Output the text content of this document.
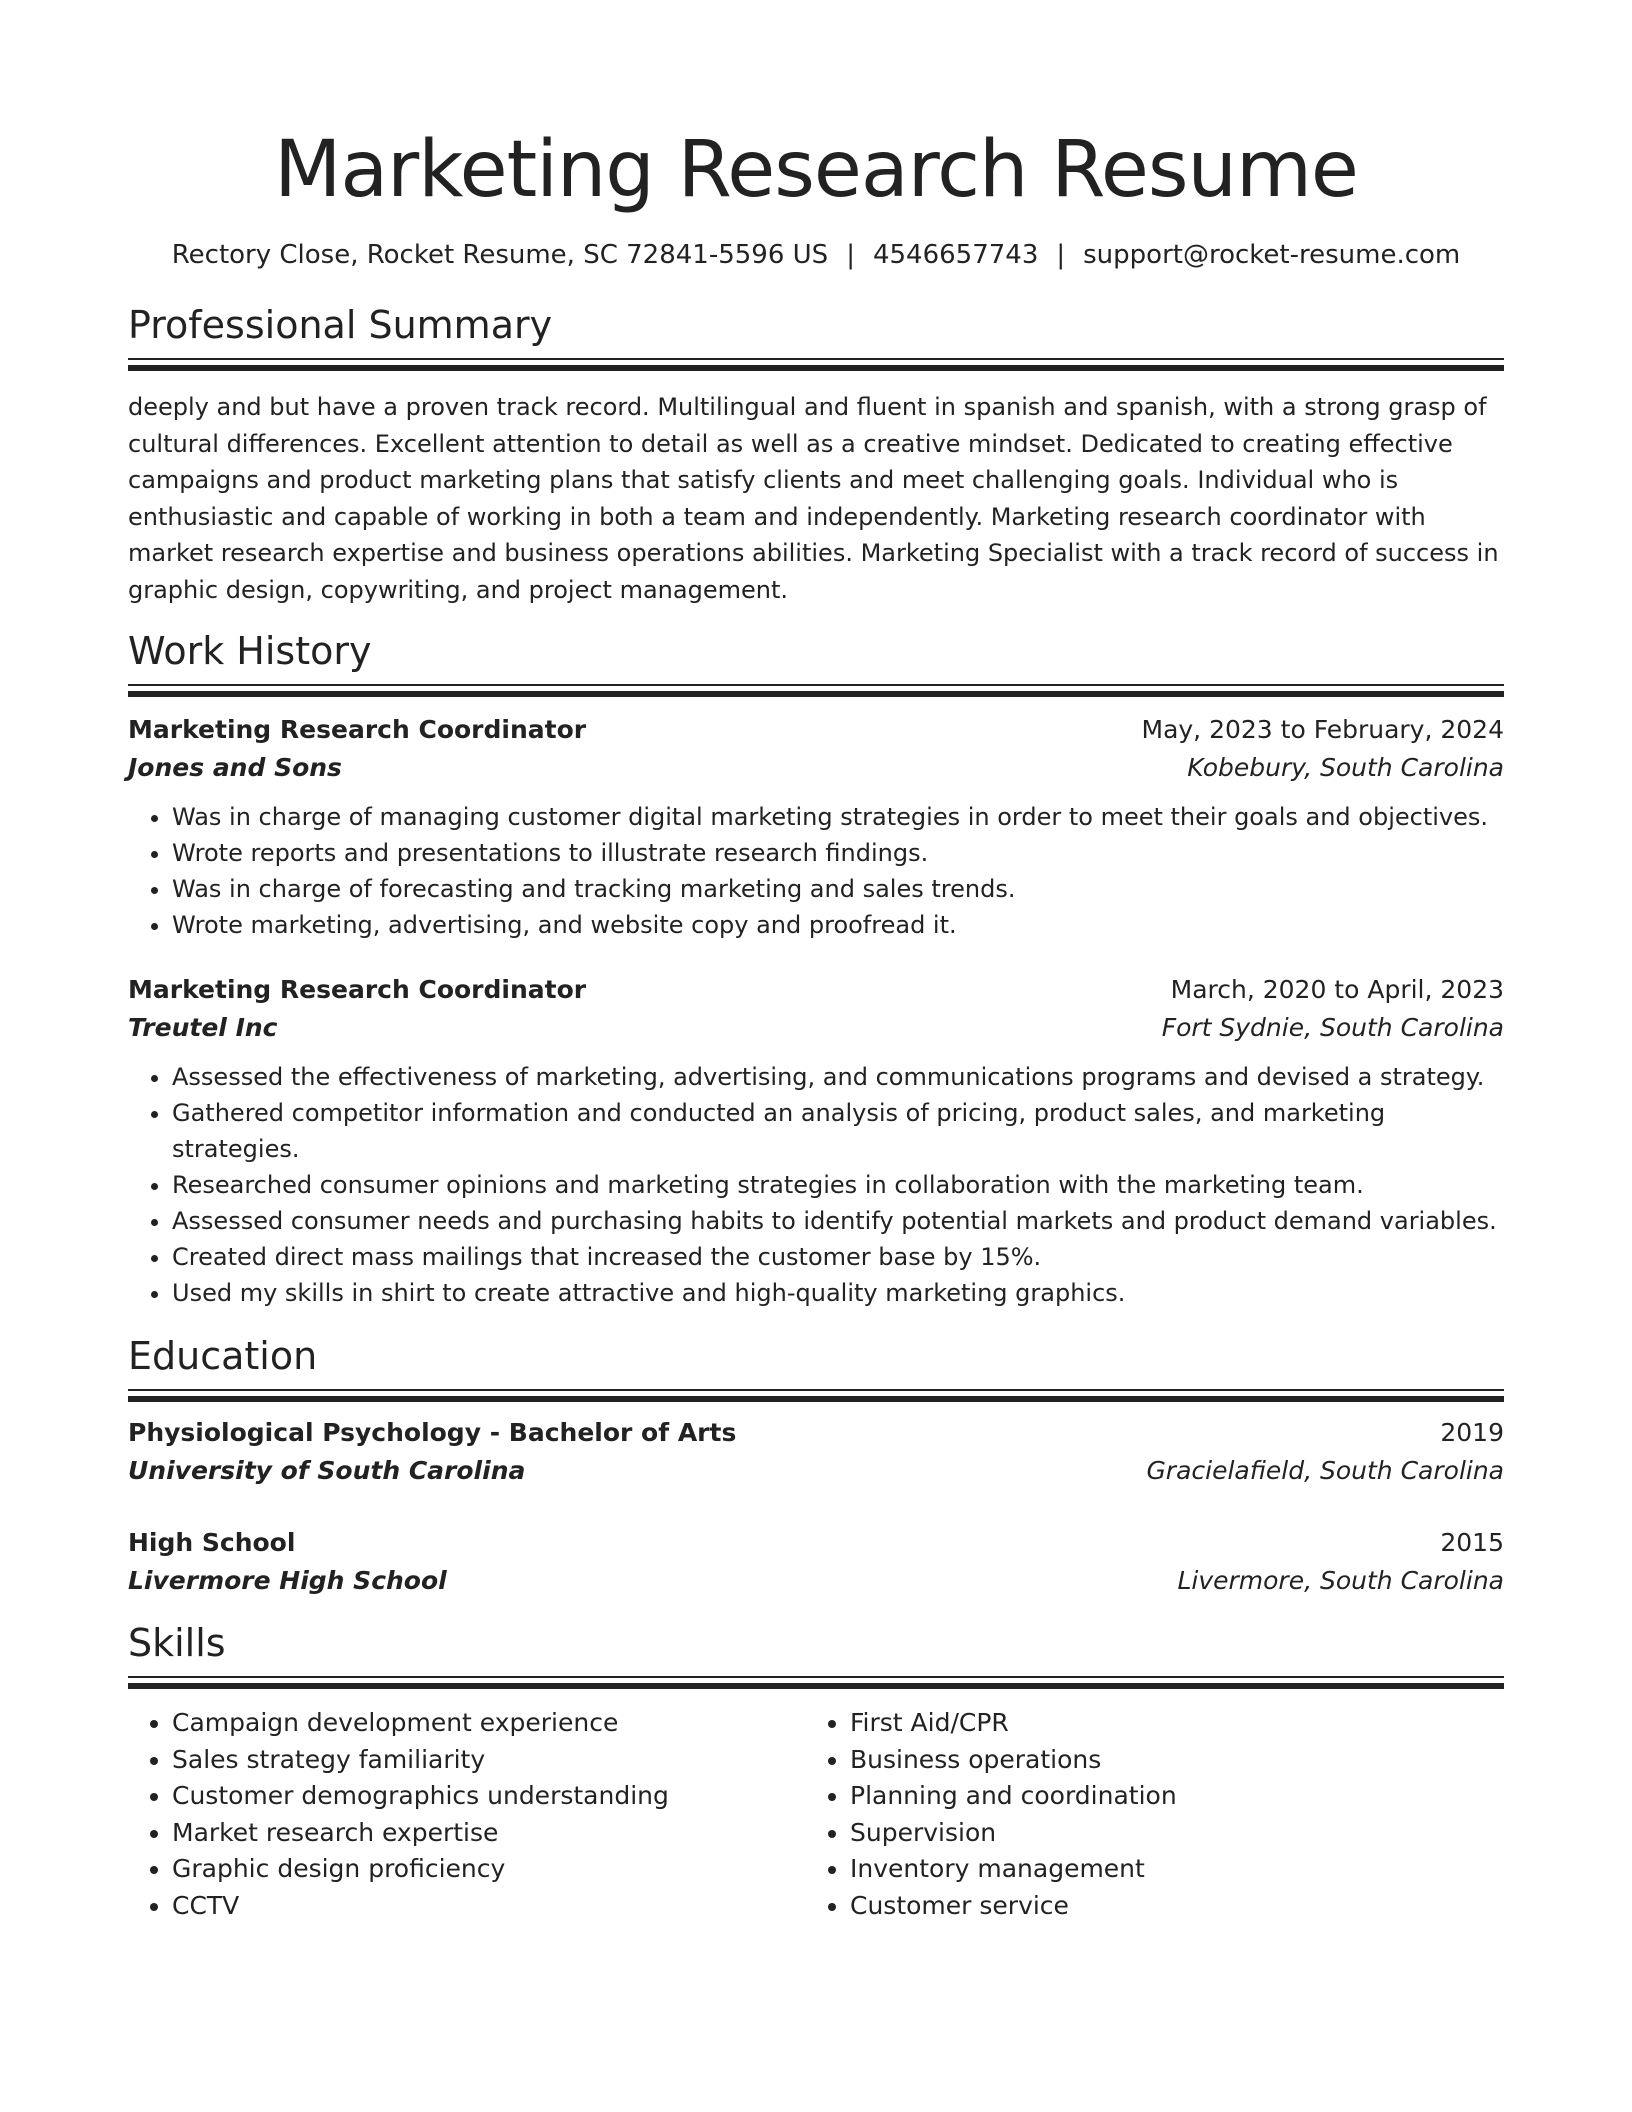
Marketing Research Resume
Rectory Close, Rocket Resume, SC 72841-5596 US | 4546657743 | support@rocket-resume.com
Professional Summary
deeply and but have a proven track record. Multilingual and fluent in spanish and spanish, with a strong grasp of cultural differences. Excellent attention to detail as well as a creative mindset. Dedicated to creating effective campaigns and product marketing plans that satisfy clients and meet challenging goals. Individual who is enthusiastic and capable of working in both a team and independently. Marketing research coordinator with market research expertise and business operations abilities. Marketing Specialist with a track record of success in graphic design, copywriting, and project management.
Work History
Marketing Research Coordinator	May, 2023 to February, 2024
Jones and Sons	Kobebury, South Carolina
• Was in charge of managing customer digital marketing strategies in order to meet their goals and objectives.
• Wrote reports and presentations to illustrate research findings.
• Was in charge of forecasting and tracking marketing and sales trends.
• Wrote marketing, advertising, and website copy and proofread it.
Marketing Research Coordinator	March, 2020 to April, 2023
Treutel Inc	Fort Sydnie, South Carolina
• Assessed the effectiveness of marketing, advertising, and communications programs and devised a strategy.
• Gathered competitor information and conducted an analysis of pricing, product sales, and marketing strategies.
• Researched consumer opinions and marketing strategies in collaboration with the marketing team.
• Assessed consumer needs and purchasing habits to identify potential markets and product demand variables.
• Created direct mass mailings that increased the customer base by 15%.
• Used my skills in shirt to create attractive and high-quality marketing graphics.
Education
Physiological Psychology - Bachelor of Arts	2019
University of South Carolina	Gracielafield, South Carolina
High School	2015
Livermore High School	Livermore, South Carolina
Skills
• Campaign development experience
• Sales strategy familiarity
• Customer demographics understanding
• Market research expertise
• Graphic design proficiency
• CCTV
• First Aid/CPR
• Business operations
• Planning and coordination
• Supervision
• Inventory management
• Customer service
